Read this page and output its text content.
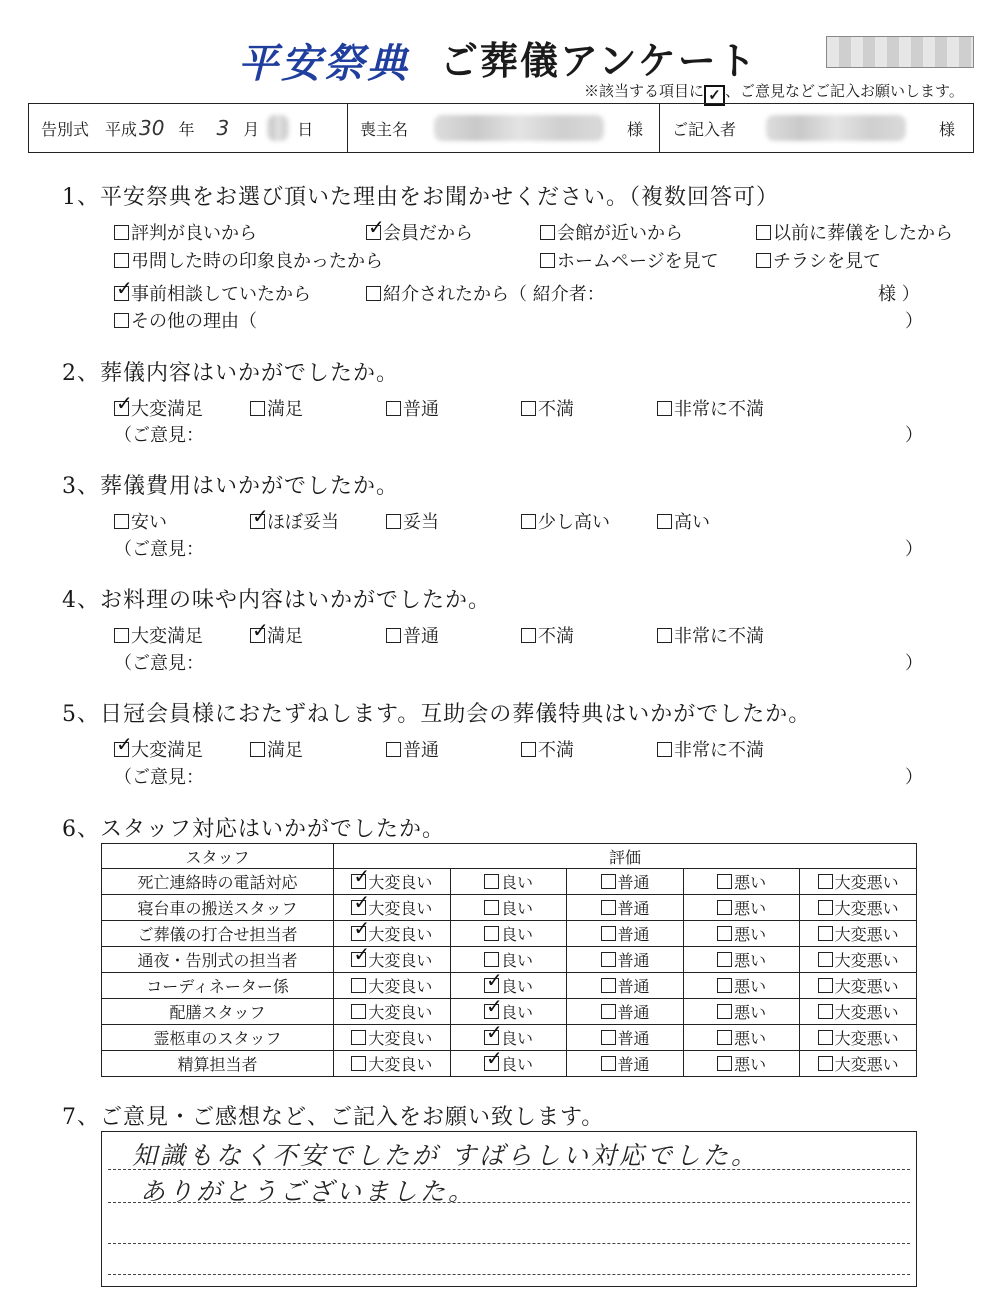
平安祭典 ご葬儀アンケート
※該当する項目に ✓ 、ご意見などご記入お願いします。
告別式 平成 30 年 3 月 日	喪主名	様 ご記入者	様
1、平安祭典をお選び頂いた理由をお聞かせください。（複数回答可）
評判が良いから ✓	会員だから	会館が近いから	以前に葬儀をしたから
弔問した時の印象良かったから	ホームページを見て	チラシを見て
✓事前相談していたから	紹介されたから（ 紹介者：	様 ）
その他の理由（	）
2、葬儀内容はいかがでしたか。
✓大変満足	満足	普通	不満	非常に不満
（ご意見：	）
3、葬儀費用はいかがでしたか。
安い ✓	ほぼ妥当	妥当	少し高い	高い
（ご意見：	）
4、お料理の味や内容はいかがでしたか。
大変満足 ✓	満足	普通	不満	非常に不満
（ご意見：	）
5、日冠会員様におたずねします。互助会の葬儀特典はいかがでしたか。
✓大変満足	満足	普通	不満	非常に不満
（ご意見：	）
6、スタッフ対応はいかがでしたか。
スタッフ	評価				
死亡連絡時の電話対応	✓大変良い	良い	普通	悪い	大変悪い
寝台車の搬送スタッフ	✓大変良い	良い	普通	悪い	大変悪い
ご葬儀の打合せ担当者	✓大変良い	良い	普通	悪い	大変悪い
通夜・告別式の担当者	✓大変良い	良い	普通	悪い	大変悪い
コーディネーター係	大変良い	✓良い	普通	悪い	大変悪い
配膳スタッフ	大変良い	✓良い	普通	悪い	大変悪い
霊柩車のスタッフ	大変良い	✓良い	普通	悪い	大変悪い
精算担当者	大変良い	✓良い	普通	悪い	大変悪い
7、ご意見・ご感想など、ご記入をお願い致します。
知識もなく不安でしたが すばらしい対応でした。
ありがとうございました。
